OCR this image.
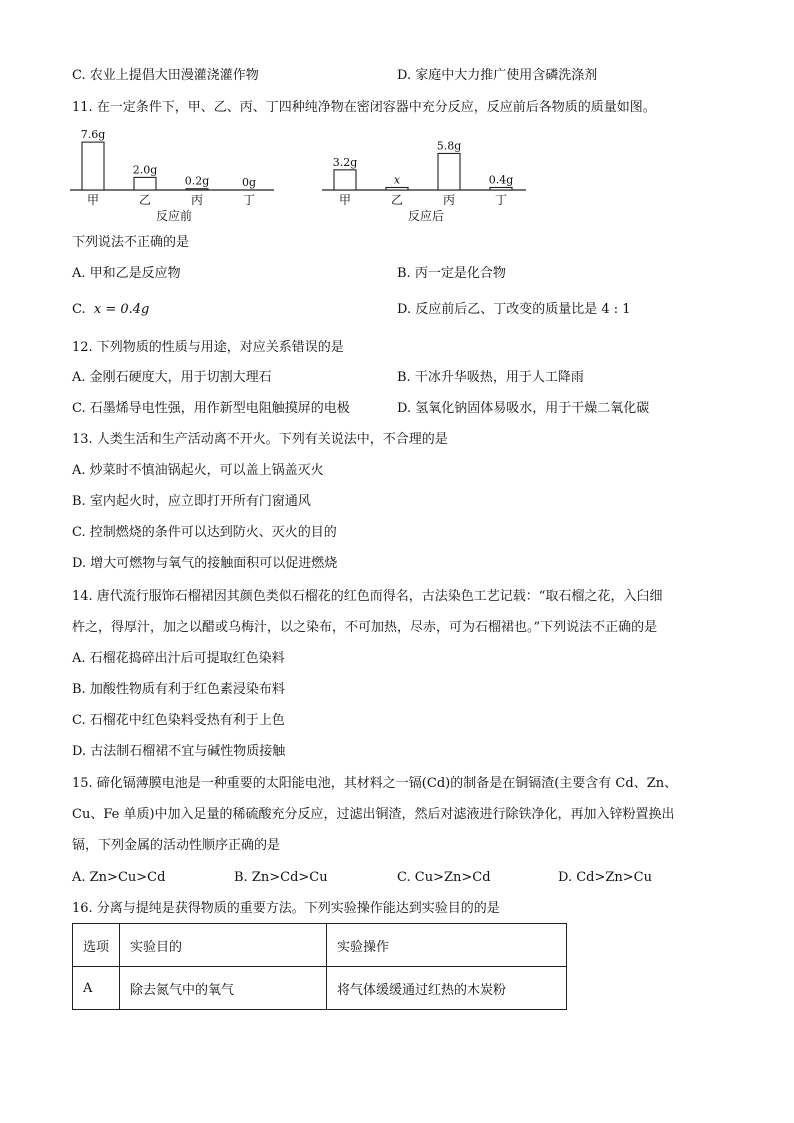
C. 农业上提倡大田漫灌浇灌作物	D. 家庭中大力推广使用含磷洗涤剂
11. 在一定条件下，甲、乙、丙、丁四种纯净物在密闭容器中充分反应，反应前后各物质的质量如图。
7.6g
甲
2.0g
乙
0.2g
丙
0g
丁
反应前
3.2g
甲
x
乙
5.8g
丙
0.4g
丁
反应后
下列说法不正确的是
A. 甲和乙是反应物	B. 丙一定是化合物
C. x = 0.4g	D. 反应前后乙、丁改变的质量比是 4 : 1
12. 下列物质的性质与用途，对应关系错误的是
A. 金刚石硬度大，用于切割大理石	B. 干冰升华吸热，用于人工降雨
C. 石墨烯导电性强，用作新型电阻触摸屏的电极	D. 氢氧化钠固体易吸水，用于干燥二氧化碳
13. 人类生活和生产活动离不开火。下列有关说法中，不合理的是
A. 炒菜时不慎油锅起火，可以盖上锅盖灭火
B. 室内起火时，应立即打开所有门窗通风
C. 控制燃烧的条件可以达到防火、灭火的目的
D. 增大可燃物与氧气的接触面积可以促进燃烧
14. 唐代流行服饰石榴裙因其颜色类似石榴花的红色而得名，古法染色工艺记载：“取石榴之花，入臼细
杵之，得厚汁，加之以醋或乌梅汁，以之染布，不可加热，尽赤，可为石榴裙也。”下列说法不正确的是
A. 石榴花捣碎出汁后可提取红色染料
B. 加酸性物质有利于红色素浸染布料
C. 石榴花中红色染料受热有利于上色
D. 古法制石榴裙不宜与碱性物质接触
15. 碲化镉薄膜电池是一种重要的太阳能电池，其材料之一镉(Cd)的制备是在铜镉渣(主要含有 Cd、Zn、
Cu、Fe 单质)中加入足量的稀硫酸充分反应，过滤出铜渣，然后对滤液进行除铁净化，再加入锌粉置换出
镉，下列金属的活动性顺序正确的是
A. Zn>Cu>Cd	B. Zn>Cd>Cu	C. Cu>Zn>Cd	D. Cd>Zn>Cu
16. 分离与提纯是获得物质的重要方法。下列实验操作能达到实验目的的是
选项	实验目的	实验操作
A	除去氮气中的氧气	将气体缓缓通过红热的木炭粉
